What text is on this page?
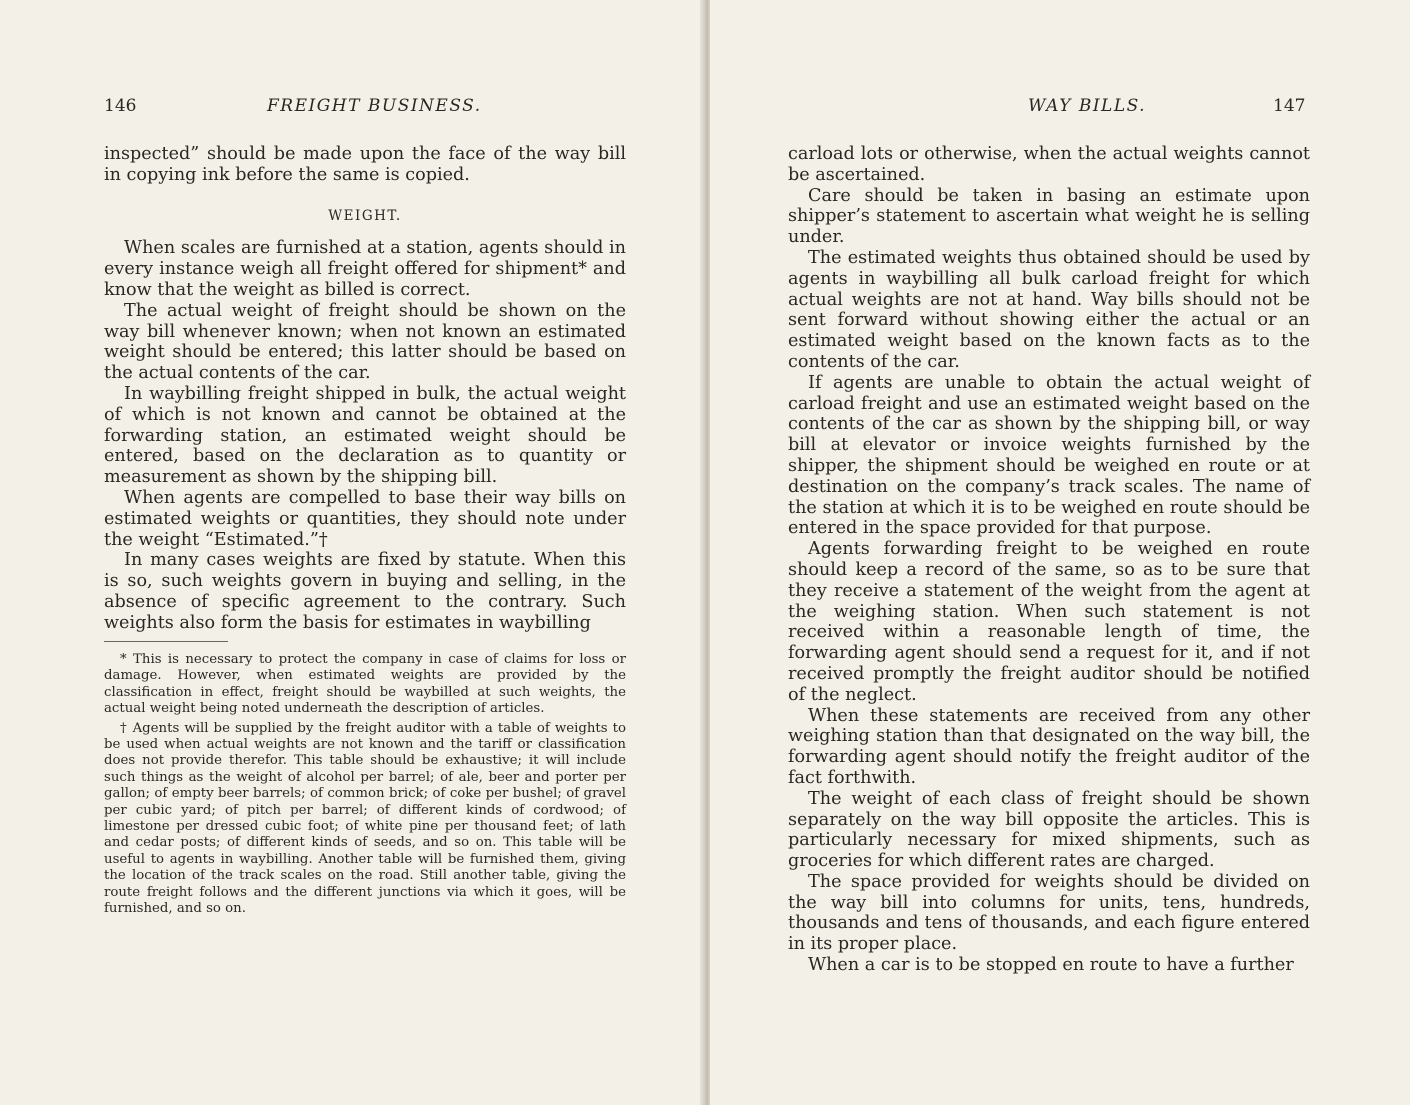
146	FREIGHT BUSINESS.

inspected” should be made upon the face of the way bill in copying ink before the same is copied.

WEIGHT.

When scales are furnished at a station, agents should in every instance weigh all freight offered for shipment* and know that the weight as billed is correct.

The actual weight of freight should be shown on the way bill whenever known; when not known an estimated weight should be entered; this latter should be based on the actual contents of the car.

In waybilling freight shipped in bulk, the actual weight of which is not known and cannot be obtained at the forwarding station, an estimated weight should be entered, based on the declaration as to quantity or measurement as shown by the shipping bill.

When agents are compelled to base their way bills on estimated weights or quantities, they should note under the weight “Estimated.”†

In many cases weights are fixed by statute. When this is so, such weights govern in buying and selling, in the absence of specific agreement to the contrary. Such weights also form the basis for estimates in waybilling

* This is necessary to protect the company in case of claims for loss or damage. However, when estimated weights are provided by the classification in effect, freight should be waybilled at such weights, the actual weight being noted underneath the description of articles.

† Agents will be supplied by the freight auditor with a table of weights to be used when actual weights are not known and the tariff or classification does not provide therefor. This table should be exhaustive; it will include such things as the weight of alcohol per barrel; of ale, beer and porter per gallon; of empty beer barrels; of common brick; of coke per bushel; of gravel per cubic yard; of pitch per barrel; of different kinds of cordwood; of limestone per dressed cubic foot; of white pine per thousand feet; of lath and cedar posts; of different kinds of seeds, and so on. This table will be useful to agents in waybilling. Another table will be furnished them, giving the location of the track scales on the road. Still another table, giving the route freight follows and the different junctions via which it goes, will be furnished, and so on.

WAY BILLS.	147

carload lots or otherwise, when the actual weights cannot be ascertained.

Care should be taken in basing an estimate upon shipper’s statement to ascertain what weight he is selling under.

The estimated weights thus obtained should be used by agents in waybilling all bulk carload freight for which actual weights are not at hand. Way bills should not be sent forward without showing either the actual or an estimated weight based on the known facts as to the contents of the car.

If agents are unable to obtain the actual weight of carload freight and use an estimated weight based on the contents of the car as shown by the shipping bill, or way bill at elevator or invoice weights furnished by the shipper, the shipment should be weighed en route or at destination on the company’s track scales. The name of the station at which it is to be weighed en route should be entered in the space provided for that purpose.

Agents forwarding freight to be weighed en route should keep a record of the same, so as to be sure that they receive a statement of the weight from the agent at the weighing station. When such statement is not received within a reasonable length of time, the forwarding agent should send a request for it, and if not received promptly the freight auditor should be notified of the neglect.

When these statements are received from any other weighing station than that designated on the way bill, the forwarding agent should notify the freight auditor of the fact forthwith.

The weight of each class of freight should be shown separately on the way bill opposite the articles. This is particularly necessary for mixed shipments, such as groceries for which different rates are charged.

The space provided for weights should be divided on the way bill into columns for units, tens, hundreds, thousands and tens of thousands, and each figure entered in its proper place.

When a car is to be stopped en route to have a further
